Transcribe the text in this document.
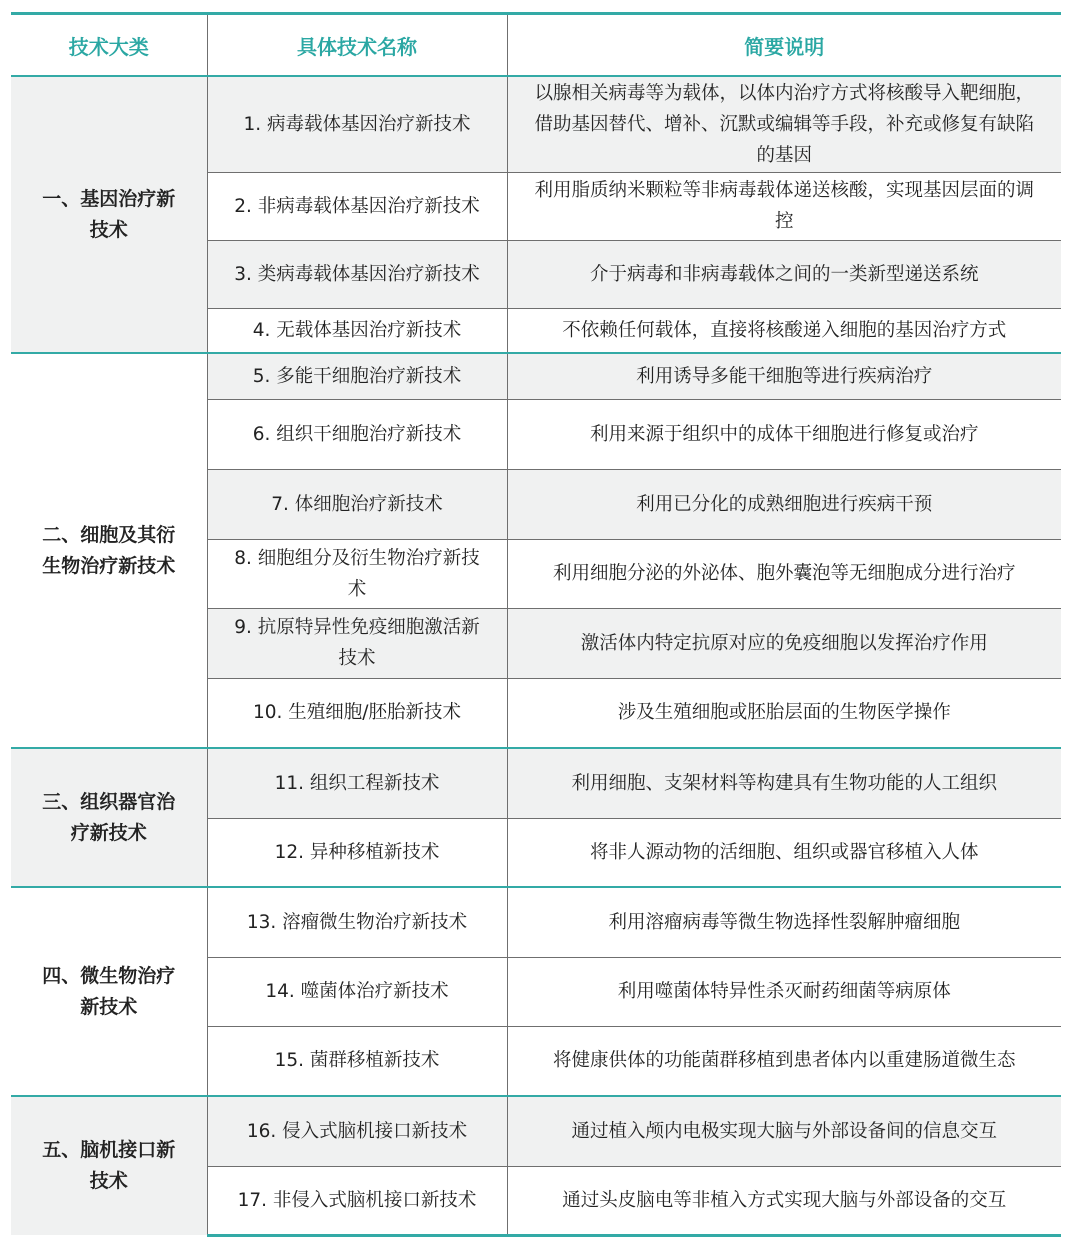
技术大类	具体技术名称	简要说明
一、基因治疗新技术	1. 病毒载体基因治疗新技术	以腺相关病毒等为载体，以体内治疗方式将核酸导入靶细胞，借助基因替代、增补、沉默或编辑等手段，补充或修复有缺陷的基因
	2. 非病毒载体基因治疗新技术	利用脂质纳米颗粒等非病毒载体递送核酸，实现基因层面的调控
	3. 类病毒载体基因治疗新技术	介于病毒和非病毒载体之间的一类新型递送系统
	4. 无载体基因治疗新技术	不依赖任何载体，直接将核酸递入细胞的基因治疗方式
二、细胞及其衍生物治疗新技术	5. 多能干细胞治疗新技术	利用诱导多能干细胞等进行疾病治疗
	6. 组织干细胞治疗新技术	利用来源于组织中的成体干细胞进行修复或治疗
	7. 体细胞治疗新技术	利用已分化的成熟细胞进行疾病干预
	8. 细胞组分及衍生物治疗新技术	利用细胞分泌的外泌体、胞外囊泡等无细胞成分进行治疗
	9. 抗原特异性免疫细胞激活新技术	激活体内特定抗原对应的免疫细胞以发挥治疗作用
	10. 生殖细胞/胚胎新技术	涉及生殖细胞或胚胎层面的生物医学操作
三、组织器官治疗新技术	11. 组织工程新技术	利用细胞、支架材料等构建具有生物功能的人工组织
	12. 异种移植新技术	将非人源动物的活细胞、组织或器官移植入人体
四、微生物治疗新技术	13. 溶瘤微生物治疗新技术	利用溶瘤病毒等微生物选择性裂解肿瘤细胞
	14. 噬菌体治疗新技术	利用噬菌体特异性杀灭耐药细菌等病原体
	15. 菌群移植新技术	将健康供体的功能菌群移植到患者体内以重建肠道微生态
五、脑机接口新技术	16. 侵入式脑机接口新技术	通过植入颅内电极实现大脑与外部设备间的信息交互
	17. 非侵入式脑机接口新技术	通过头皮脑电等非植入方式实现大脑与外部设备的交互
